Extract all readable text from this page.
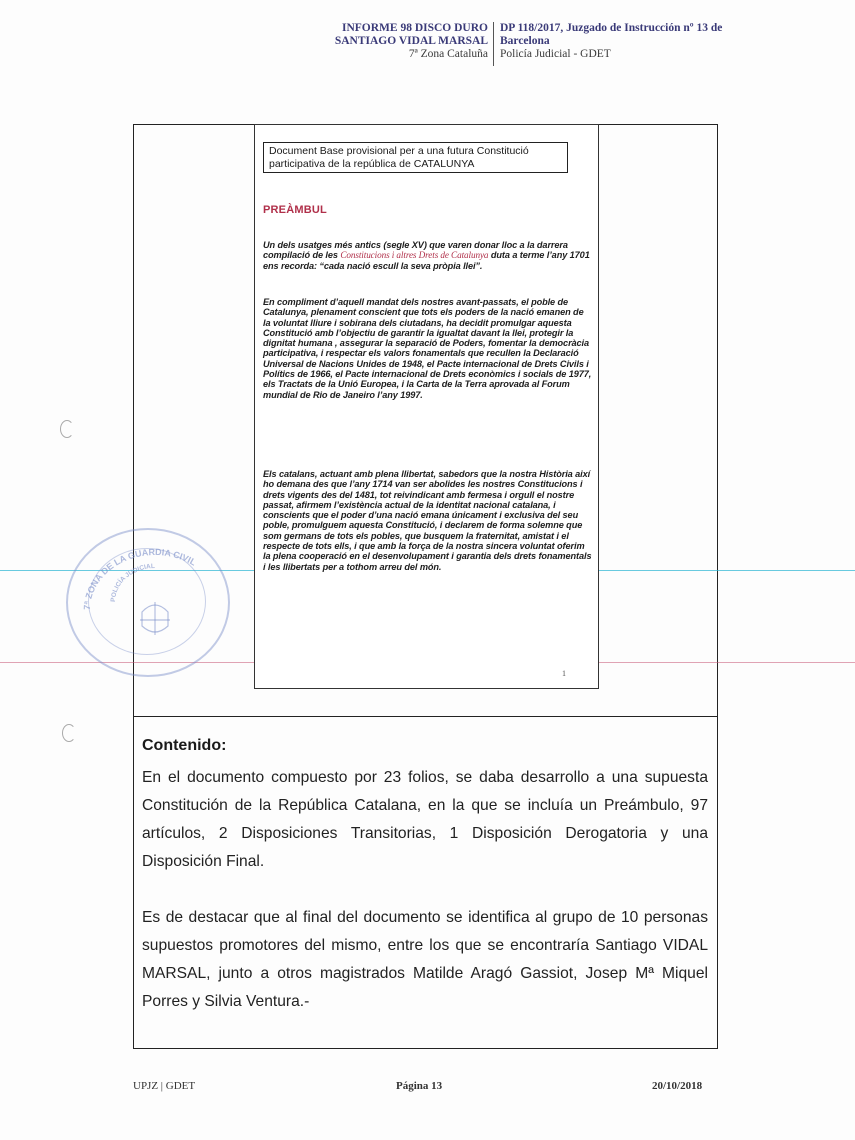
INFORME 98 DISCO DURO
SANTIAGO VIDAL MARSAL
7ª Zona Cataluña
DP 118/2017, Juzgado de Instrucción nº 13 de
Barcelona
Policía Judicial - GDET
Document Base provisional per a una futura Constitució participativa de la república de CATALUNYA
PREÀMBUL

Un dels usatges més antics (segle XV) que varen donar lloc a la darrera compilació de les Constitucions i altres Drets de Catalunya duta a terme l’any 1701 ens recorda: “cada nació escull la seva pròpia llei”.

En compliment d’aquell mandat dels nostres avant-passats, el poble de Catalunya, plenament conscient que tots els poders de la nació emanen de la voluntat lliure i sobirana dels ciutadans, ha decidit promulgar aquesta Constitució amb l’objectiu de garantir la igualtat davant la llei, protegir la dignitat humana , assegurar la separació de Poders, fomentar la democràcia participativa, i respectar els valors fonamentals que recullen la Declaració Universal de Nacions Unides de 1948, el Pacte internacional de Drets Civils i Polítics de 1966, el Pacte internacional de Drets econòmics i socials de 1977, els Tractats de la Unió Europea, i la Carta de la Terra aprovada al Forum mundial de Rio de Janeiro l’any 1997.

Els catalans, actuant amb plena llibertat, sabedors que la nostra Història així ho demana des que l’any 1714 van ser abolides les nostres Constitucions i drets vigents des del 1481, tot reivindicant amb fermesa i orgull el nostre passat, afirmem l’existència actual de la identitat nacional catalana, i conscients que el poder d’una nació emana únicament i exclusiva del seu poble, promulguem aquesta Constitució, i declarem de forma solemne que som germans de tots els pobles, que busquem la fraternitat, amistat i el respecte de tots ells, i que amb la força de la nostra sincera voluntat oferim la plena cooperació en el desenvolupament i garantia dels drets fonamentals i les llibertats per a tothom arreu del món.

1
7ª ZONA DE LA GUARDIA CIVIL
POLICÍA JUDICIAL
Contenido:

En el documento compuesto por 23 folios, se daba desarrollo a una supuesta Constitución de la República Catalana, en la que se incluía un Preámbulo, 97 artículos, 2 Disposiciones Transitorias, 1 Disposición Derogatoria y una Disposición Final.

Es de destacar que al final del documento se identifica al grupo de 10 personas supuestos promotores del mismo, entre los que se encontraría Santiago VIDAL MARSAL, junto a otros magistrados Matilde Aragó Gassiot, Josep Mª Miquel Porres y Silvia Ventura.-

UPJZ | GDET	Página 13	20/10/2018
